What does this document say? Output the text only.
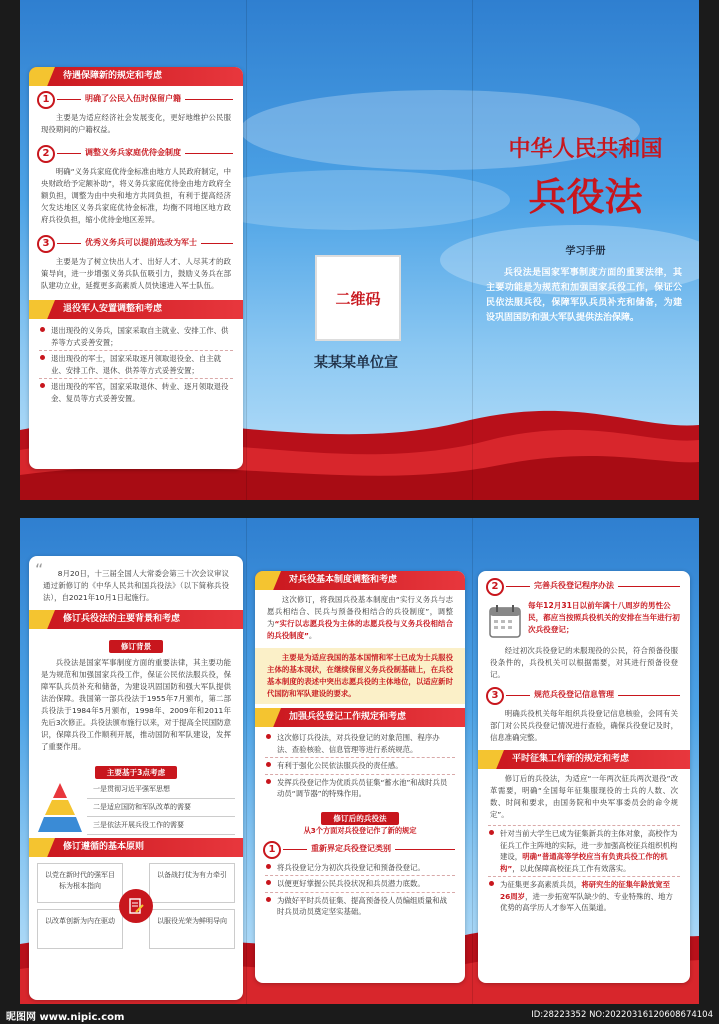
待遇保障新的规定和考虑
1	明确了公民入伍时保留户籍

主要是为适应经济社会发展变化，更好地维护公民服现役期间的户籍权益。

2	调整义务兵家庭优待金制度

明确“义务兵家庭优待金标准由地方人民政府制定，中央财政给予定额补助”，将义务兵家庭优待金由地方政府全额负担，调整为由中央和地方共同负担，有利于提高经济欠发达地区义务兵家庭优待金标准，均衡不同地区地方政府兵役负担，缩小优待金地区差异。

3	优秀义务兵可以提前选改为军士

主要是为了树立快出人才、出好人才、人尽其才的政策导向，进一步增强义务兵队伍吸引力，鼓励义务兵在部队建功立业，延揽更多高素质人员快速进入军士队伍。

退役军人安置调整和考虑

退出现役的义务兵，国家采取自主就业、安排工作、供养等方式妥善安置；

退出现役的军士，国家采取逐月领取退役金、自主就业、安排工作、退休、供养等方式妥善安置；

退出现役的军官，国家采取退休、转业、逐月领取退役金、复员等方式妥善安置。

二维码
某某某单位宣
中华人民共和国
兵役法
学习手册

兵役法是国家军事制度方面的重要法律，其主要功能是为规范和加强国家兵役工作，保证公民依法服兵役，保障军队兵员补充和储备，为建设巩固国防和强大军队提供法治保障。

“	8月20日，十三届全国人大常委会第三十次会议审议通过新修订的《中华人民共和国兵役法》（以下简称兵役法），自2021年10月1日起施行。

修订兵役法的主要背景和考虑
修订背景

兵役法是国家军事制度方面的重要法律，其主要功能是为规范和加强国家兵役工作，保证公民依法服兵役，保障军队兵员补充和储备，为建设巩固国防和强大军队提供法治保障。我国第一部兵役法于1955年7月颁布，第二部兵役法于1984年5月颁布，1998年、2009年和2011年先后3次修正。兵役法颁布施行以来，对于提高全民国防意识，保障兵役工作顺利开展，推动国防和军队建设，发挥了重要作用。

主要基于3点考虑
一是贯彻习近平强军思想
二是适应国防和军队改革的需要
三是依法开展兵役工作的需要
修订遵循的基本原则
以党在新时代的强军目标为根本指向
以备战打仗为有力牵引
以改革创新为内在驱动	以服役光荣为鲜明导向
对兵役基本制度调整和考虑

这次修订，将我国兵役基本制度由“实行义务兵与志愿兵相结合、民兵与预备役相结合的兵役制度”，调整为“实行以志愿兵役为主体的志愿兵役与义务兵役相结合的兵役制度”。

主要是为适应我国的基本国情和军士已成为士兵服役主体的基本现状，在继续保留义务兵役制基础上，在兵役基本制度的表述中突出志愿兵役的主体地位，以适应新时代国防和军队建设的要求。

加强兵役登记工作规定和考虑

这次修订兵役法，对兵役登记的对象范围、程序办法、查验核验、信息管理等进行系统规范。

有利于强化公民依法服兵役的责任感。

发挥兵役登记作为优质兵员征集“蓄水池”和战时兵员动员“调节器”的特殊作用。

修订后的兵役法
从3个方面对兵役登记作了新的规定
1	重新界定兵役登记类别

将兵役登记分为初次兵役登记和预备役登记。

以便更好掌握公民兵役状况和兵员潜力底数。

为做好平时兵员征集、提高预备役人员编组质量和战时兵员动员奠定坚实基础。

2	完善兵役登记程序办法

每年12月31日以前年满十八周岁的男性公民，都应当按照兵役机关的安排在当年进行初次兵役登记；

经过初次兵役登记的未服现役的公民，符合预备役服役条件的，兵役机关可以根据需要，对其进行预备役登记。

3	规范兵役登记信息管理

明确兵役机关每年组织兵役登记信息核验，会同有关部门对公民兵役登记情况进行查验，确保兵役登记及时，信息准确完整。

平时征集工作新的规定和考虑

修订后的兵役法，为适应“一年两次征兵两次退役”改革需要，明确“全国每年征集服现役的士兵的人数、次数、时间和要求，由国务院和中央军事委员会的命令规定”。

针对当前大学生已成为征集新兵的主体对象，高校作为征兵工作主阵地的实际，进一步加强高校征兵组织机构建设，明确“普通高等学校应当有负责兵役工作的机构”，以此保障高校征兵工作有效落实。

为征集更多高素质兵员，将研究生的征集年龄放宽至26周岁，进一步拓宽军队缺少的、专业特殊的、地方优势的高学历人才参军入伍渠道。

昵图网 www.nipic.com	ID:28223352 NO:20220316120608674104
